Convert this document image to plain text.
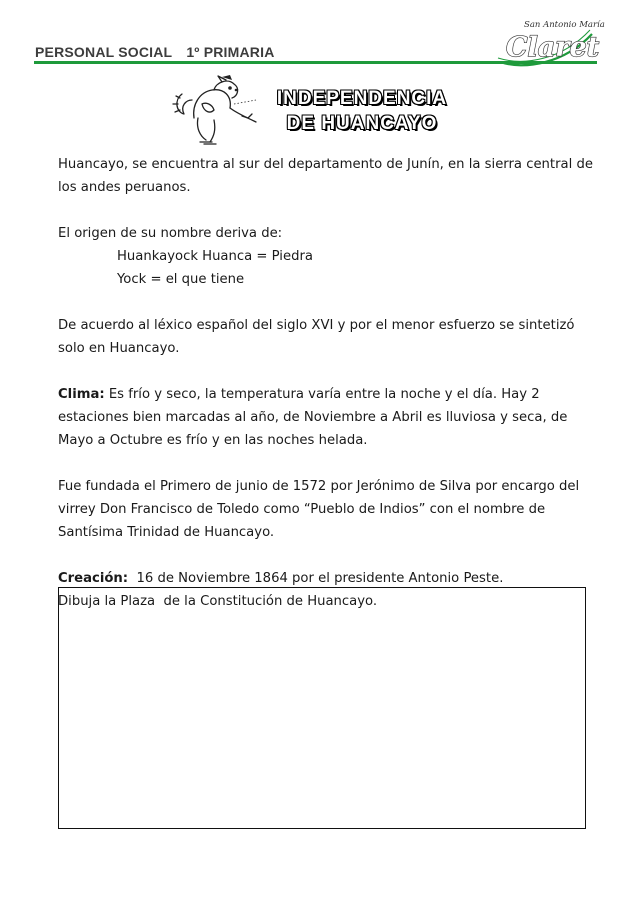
PERSONAL SOCIAL 1º PRIMARIA
San Antonio María
Claret
INDEPENDENCIA
DE HUANCAYO

Huancayo, se encuentra al sur del departamento de Junín, en la sierra central de los andes peruanos.

El origen de su nombre deriva de:

Huankayock Huanca = Piedra

Yock = el que tiene

De acuerdo al léxico español del siglo XVI y por el menor esfuerzo se sintetizó solo en Huancayo.

Clima: Es frío y seco, la temperatura varía entre la noche y el día. Hay 2 estaciones bien marcadas al año, de Noviembre a Abril es lluviosa y seca, de Mayo a Octubre es frío y en las noches helada.

Fue fundada el Primero de junio de 1572 por Jerónimo de Silva por encargo del virrey Don Francisco de Toledo como “Pueblo de Indios” con el nombre de Santísima Trinidad de Huancayo.

Creación:  16 de Noviembre 1864 por el presidente Antonio Peste.

Dibuja la Plaza  de la Constitución de Huancayo.
